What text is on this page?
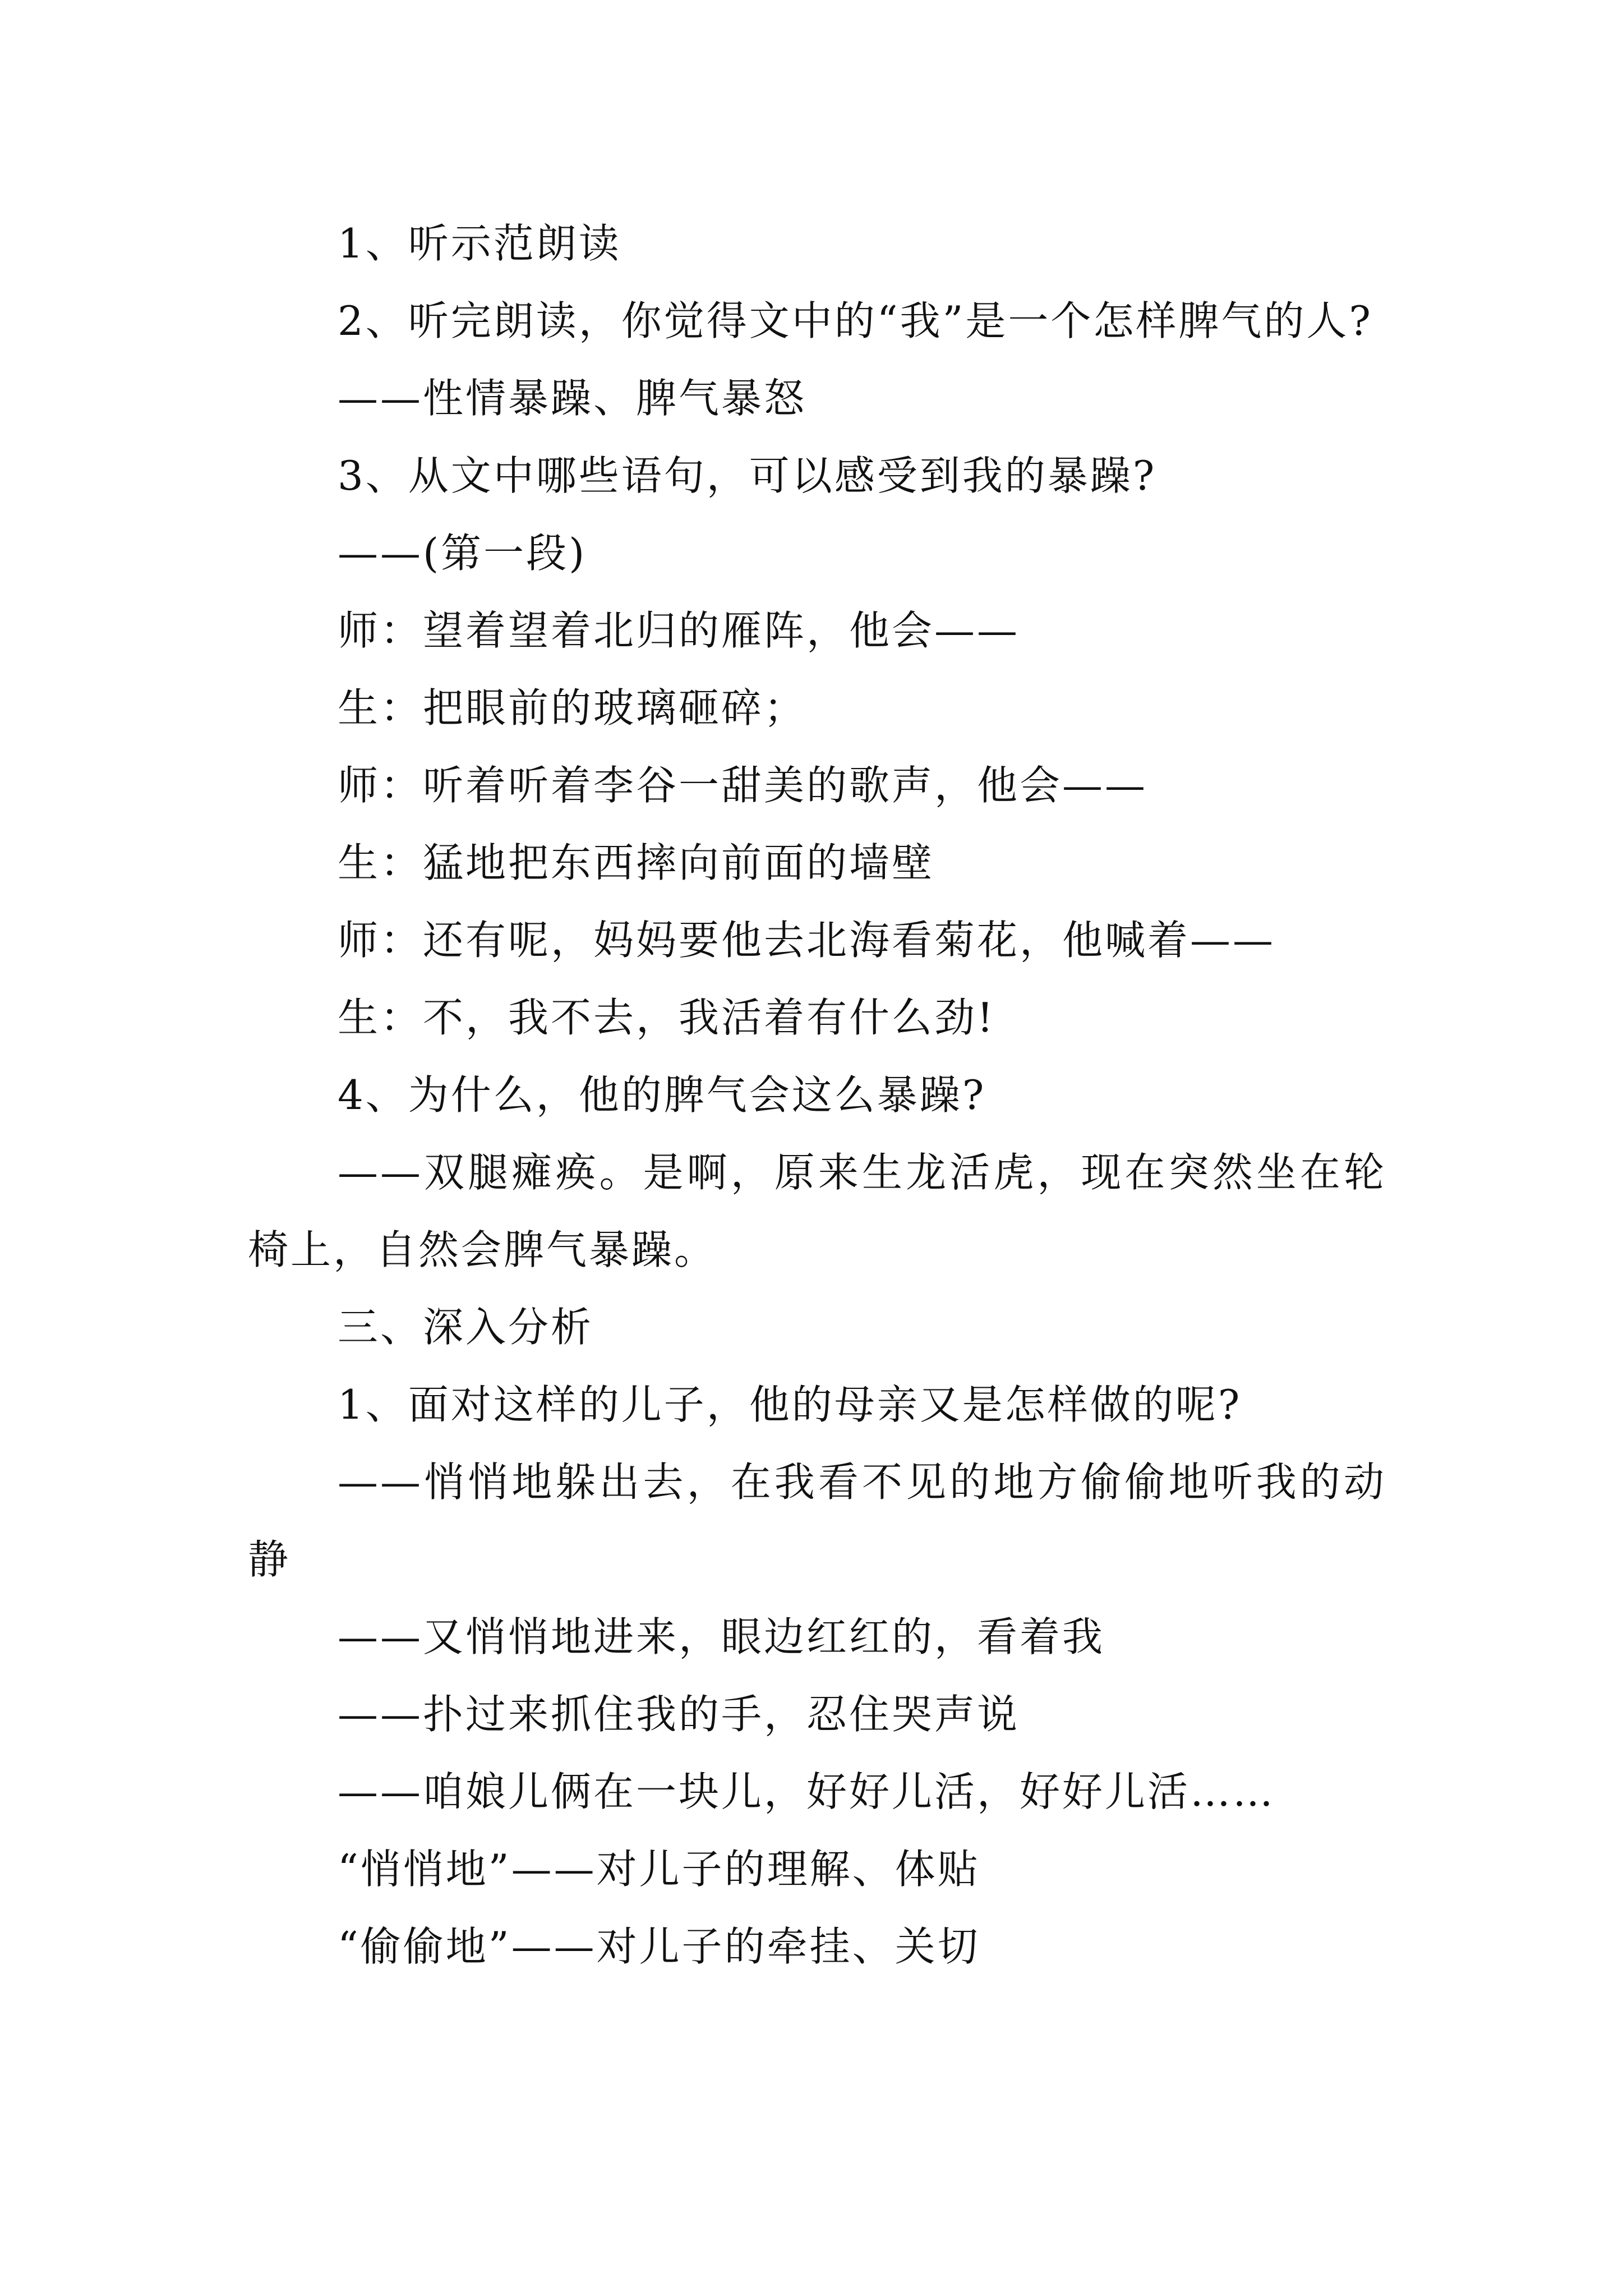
1、听示范朗读

2、听完朗读，你觉得文中的“我”是一个怎样脾气的人?

——性情暴躁、脾气暴怒

3、从文中哪些语句，可以感受到我的暴躁?

——(第一段)

师：望着望着北归的雁阵，他会——

生：把眼前的玻璃砸碎；

师：听着听着李谷一甜美的歌声，他会——

生：猛地把东西摔向前面的墙壁

师：还有呢，妈妈要他去北海看菊花，他喊着——

生：不，我不去，我活着有什么劲!

4、为什么，他的脾气会这么暴躁?

——双腿瘫痪。是啊，原来生龙活虎，现在突然坐在轮椅上，自然会脾气暴躁。

三、深入分析

1、面对这样的儿子，他的母亲又是怎样做的呢?

——悄悄地躲出去，在我看不见的地方偷偷地听我的动静

——又悄悄地进来，眼边红红的，看着我

——扑过来抓住我的手，忍住哭声说

——咱娘儿俩在一块儿，好好儿活，好好儿活……

“悄悄地”——对儿子的理解、体贴

“偷偷地”——对儿子的牵挂、关切
